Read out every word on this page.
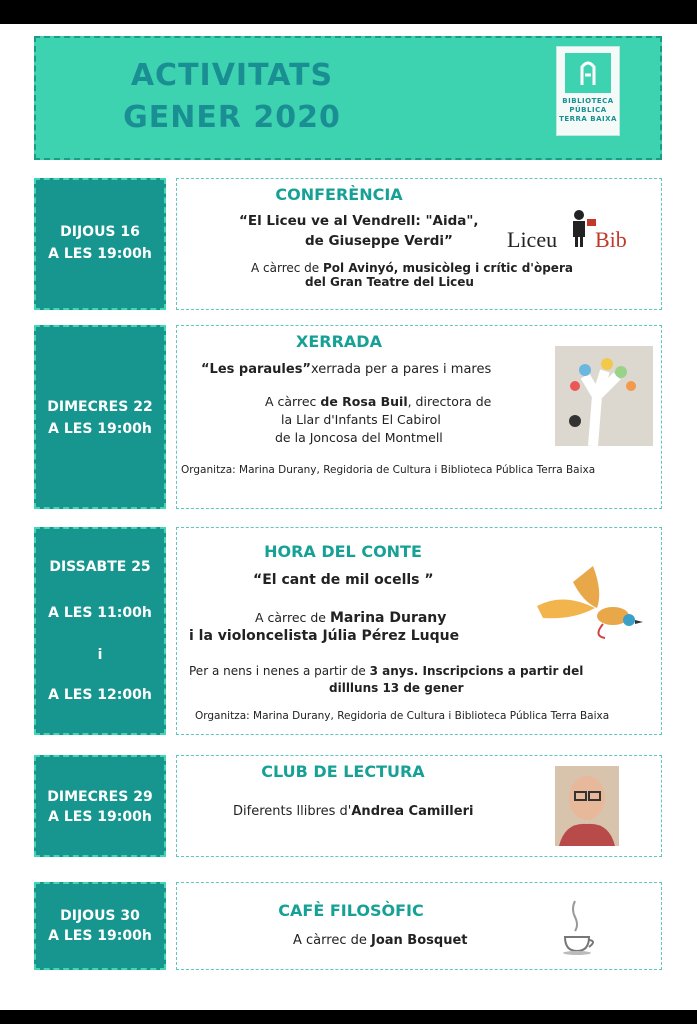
ACTIVITATS
GENER 2020	BIBLIOTECA
PÚBLICA
TERRA BAIXA
DIJOUS 16
A LES 19:00h
CONFERÈNCIA
“El Liceu ve al Vendrell: "Aida",
de Giuseppe Verdi”
A càrrec de Pol Avinyó, musicòleg i crític d'òpera
del Gran Teatre del Liceu
Liceu Bib
DIMECRES 22
A LES 19:00h
XERRADA
“Les paraules”xerrada per a pares i mares
A càrrec de Rosa Buil, directora de
la Llar d'Infants El Cabirol
de la Joncosa del Montmell
Organitza: Marina Durany, Regidoria de Cultura i Biblioteca Pública Terra Baixa
DISSABTE 25
A LES 11:00h
i
A LES 12:00h
HORA DEL CONTE
“El cant de mil ocells ”
A càrrec de Marina Durany
i la violoncelista Júlia Pérez Luque
Per a nens i nenes a partir de 3 anys. Inscripcions a partir del
dillluns 13 de gener
Organitza: Marina Durany, Regidoria de Cultura i Biblioteca Pública Terra Baixa
DIMECRES 29
A LES 19:00h
CLUB DE LECTURA
Diferents llibres d'Andrea Camilleri
DIJOUS 30
A LES 19:00h
CAFÈ FILOSÒFIC
A càrrec de Joan Bosquet
